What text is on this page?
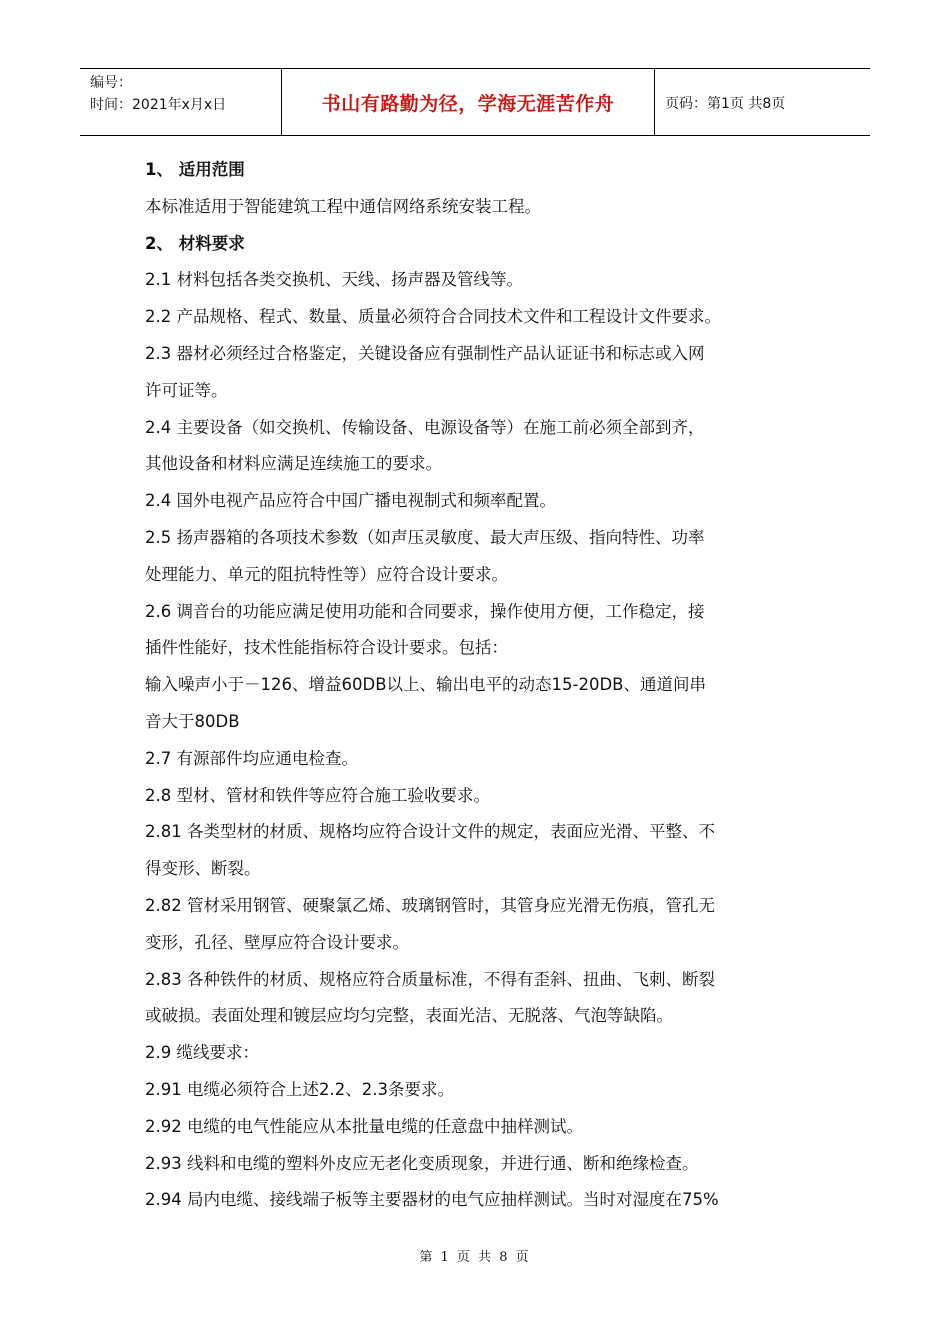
编号：
时间：2021年x月x日	书山有路勤为径，学海无涯苦作舟	页码：第1页 共8页

1、 适用范围

本标准适用于智能建筑工程中通信网络系统安装工程。

2、 材料要求

2.1 材料包括各类交换机、天线、扬声器及管线等。

2.2 产品规格、程式、数量、质量必须符合合同技术文件和工程设计文件要求。

2.3 器材必须经过合格鉴定，关键设备应有强制性产品认证证书和标志或入网

许可证等。

2.4 主要设备（如交换机、传输设备、电源设备等）在施工前必须全部到齐，

其他设备和材料应满足连续施工的要求。

2.4 国外电视产品应符合中国广播电视制式和频率配置。

2.5 扬声器箱的各项技术参数（如声压灵敏度、最大声压级、指向特性、功率

处理能力、单元的阻抗特性等）应符合设计要求。

2.6 调音台的功能应满足使用功能和合同要求，操作使用方便，工作稳定，接

插件性能好，技术性能指标符合设计要求。包括：

输入噪声小于－126、增益60DB以上、输出电平的动态15-20DB、通道间串

音大于80DB

2.7 有源部件均应通电检查。

2.8 型材、管材和铁件等应符合施工验收要求。

2.81 各类型材的材质、规格均应符合设计文件的规定，表面应光滑、平整、不

得变形、断裂。

2.82 管材采用钢管、硬聚氯乙烯、玻璃钢管时，其管身应光滑无伤痕，管孔无

变形，孔径、壁厚应符合设计要求。

2.83 各种铁件的材质、规格应符合质量标准，不得有歪斜、扭曲、飞刺、断裂

或破损。表面处理和镀层应均匀完整，表面光洁、无脱落、气泡等缺陷。

2.9 缆线要求：

2.91 电缆必须符合上述2.2、2.3条要求。

2.92 电缆的电气性能应从本批量电缆的任意盘中抽样测试。

2.93 线料和电缆的塑料外皮应无老化变质现象，并进行通、断和绝缘检查。

2.94 局内电缆、接线端子板等主要器材的电气应抽样测试。当时对湿度在75%

第 1 页 共 8 页
